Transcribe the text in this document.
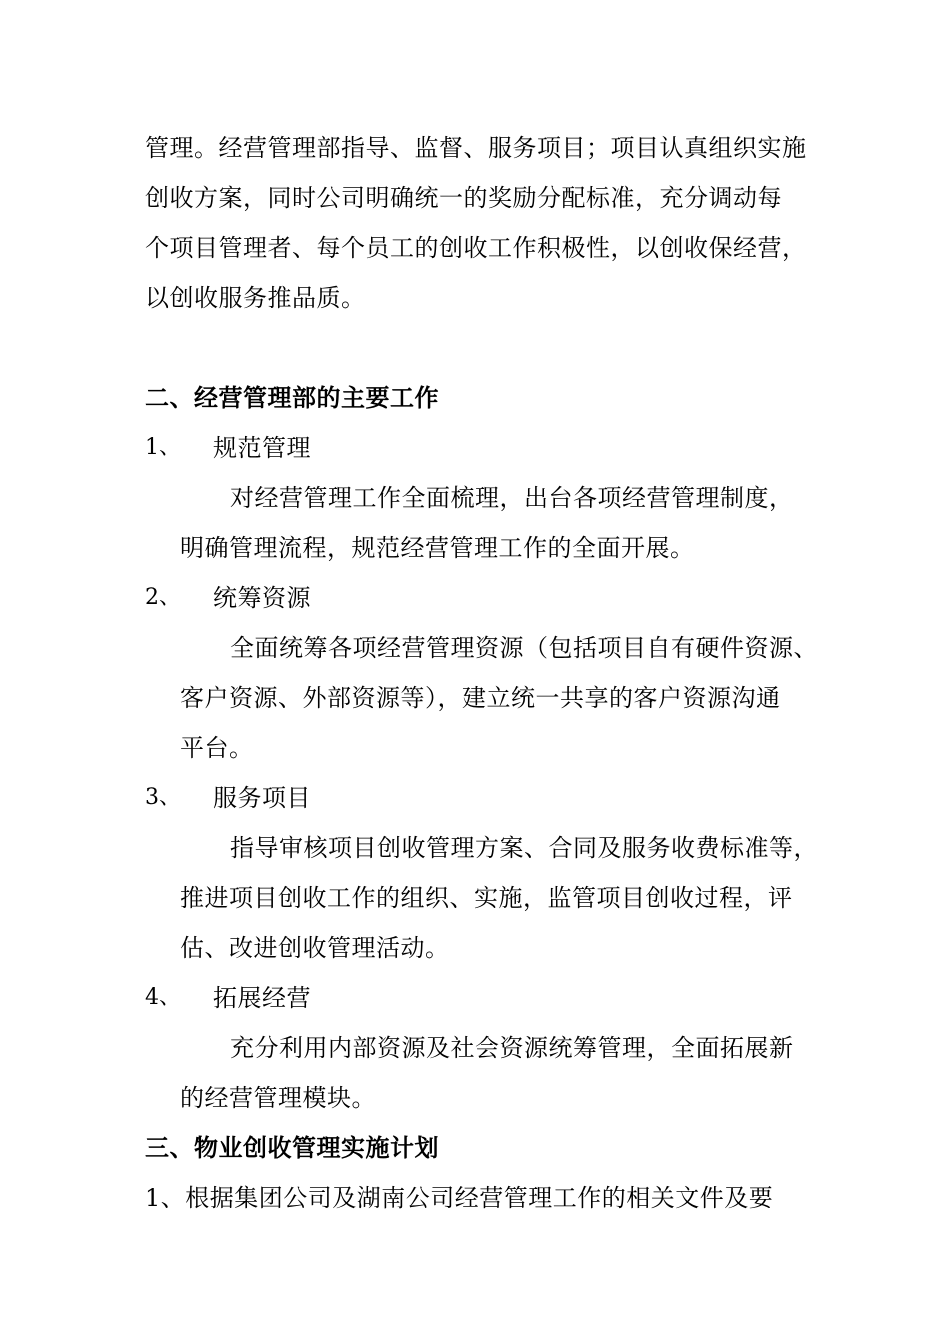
管理。经营管理部指导、监督、服务项目；项目认真组织实施
创收方案，同时公司明确统一的奖励分配标准，充分调动每
个项目管理者、每个员工的创收工作积极性，以创收保经营，
以创收服务推品质。
二、经营管理部的主要工作
1、 规范管理
对经营管理工作全面梳理，出台各项经营管理制度，
明确管理流程，规范经营管理工作的全面开展。
2、 统筹资源
全面统筹各项经营管理资源（包括项目自有硬件资源、
客户资源、外部资源等），建立统一共享的客户资源沟通
平台。
3、 服务项目
指导审核项目创收管理方案、合同及服务收费标准等，
推进项目创收工作的组织、实施，监管项目创收过程，评
估、改进创收管理活动。
4、 拓展经营
充分利用内部资源及社会资源统筹管理，全面拓展新
的经营管理模块。
三、物业创收管理实施计划
1、根据集团公司及湖南公司经营管理工作的相关文件及要
